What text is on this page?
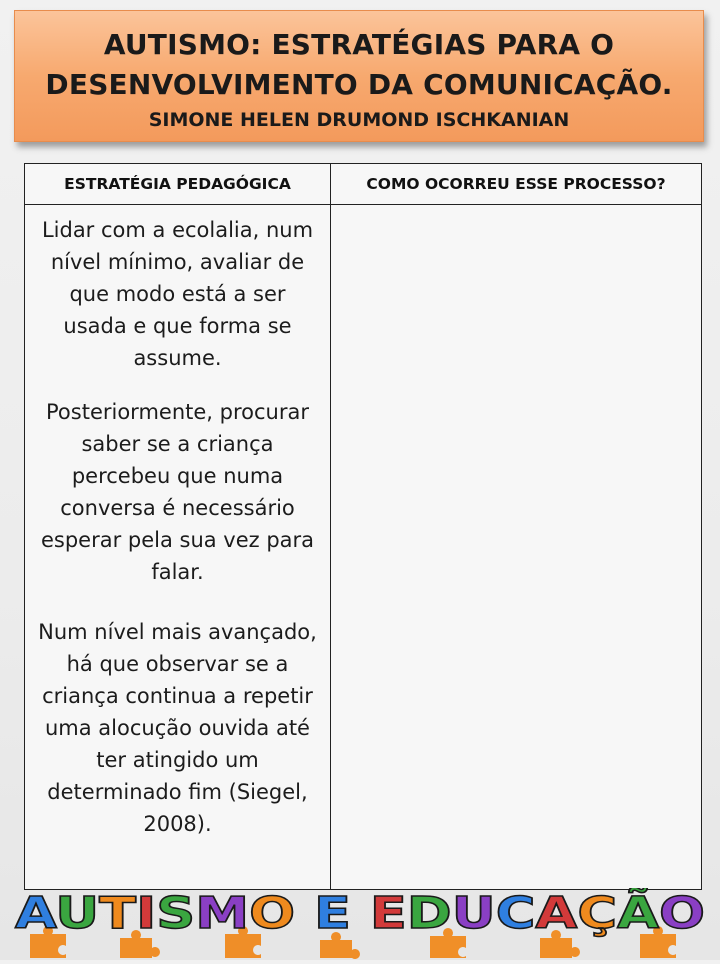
AUTISMO: ESTRATÉGIAS PARA O
DESENVOLVIMENTO DA COMUNICAÇÃO.
SIMONE HELEN DRUMOND ISCHKANIAN
ESTRATÉGIA PEDAGÓGICA	COMO OCORREU ESSE PROCESSO?

Lidar com a ecolalia, num nível mínimo, avaliar de que modo está a ser usada e que forma se assume.

Posteriormente, procurar saber se a criança percebeu que numa conversa é necessário esperar pela sua vez para falar.

Num nível mais avançado, há que observar se a criança continua a repetir uma alocução ouvida até ter atingido um determinado fim (Siegel, 2008).	

A U T IS M O E E D U C A Ç Ã O
